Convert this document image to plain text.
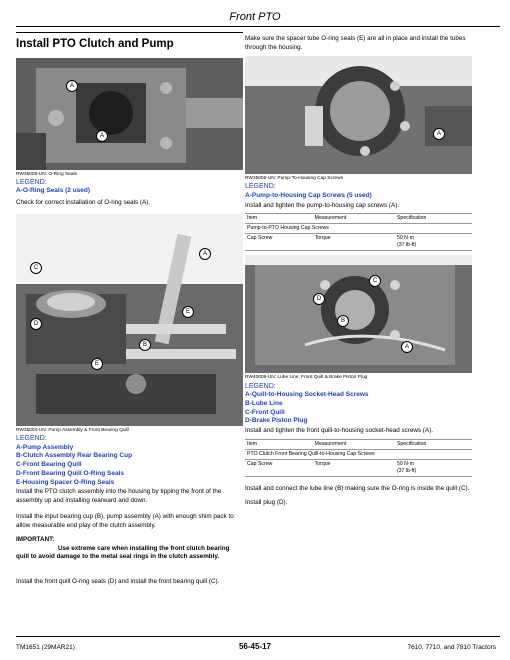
Front PTO
Install PTO Clutch and Pump
A
A
RW35005-UN: O-Ring Seals
LEGEND:
A-O-Ring Seals (2 used)
Check for correct installation of O-ring seals (A).
C
A
D
E
B
E
RW35004-UN: Pump Assembly & Front Bearing Quill
LEGEND:
A-Pump Assembly
B-Clutch Assembly Rear Bearing Cup
C-Front Bearing Quill
D-Front Bearing Quill O-Ring Seals
E-Housing Spacer O-Ring Seals
Install the PTO clutch assembly into the housing by tipping the front of the assembly up and installing rearward and down.
Install the input bearing cup (B), pump assembly (A) with enough shim pack to allow measurable end play of the clutch assembly.
IMPORTANT:
Use extreme care when installing the front clutch bearing quill to avoid damage to the metal seal rings in the clutch assembly.
Install the front quill O-ring seals (D) and install the front bearing quill (C).
Make sure the spacer tube O-ring seals (E) are all in place and install the tubes through the housing.
A
RW35006-UN: Pump-To-Housing Cap Screws
LEGEND:
A-Pump-to-Housing Cap Screws (5 used)
Install and tighten the pump-to-housing cap screws (A).
Item	Measurement	Specification
Pump-to-PTO Housing Cap Screws		
Cap Screw	Torque	50 N·m
(37 lb-ft)
D
C
B
A
RW40009-UN: Lube Line, Front Quill & Brake Piston Plug
LEGEND:
A-Quill-to-Housing Socket-Head Screws
B-Lube Line
C-Front Quill
D-Brake Piston Plug
Install and tighten the front quill-to-housing socket-head screws (A).
Item	Measurement	Specification
PTO Clutch Front Bearing Quill-to-Housing Cap Screws		
Cap Screw	Torque	50 N·m
(37 lb-ft)
Install and connect the lube line (B) making sure the O-ring is inside the quill (C).
Install plug (D).
TM1651 (29MAR21)	56-45-17	7610, 7710, and 7810 Tractors
